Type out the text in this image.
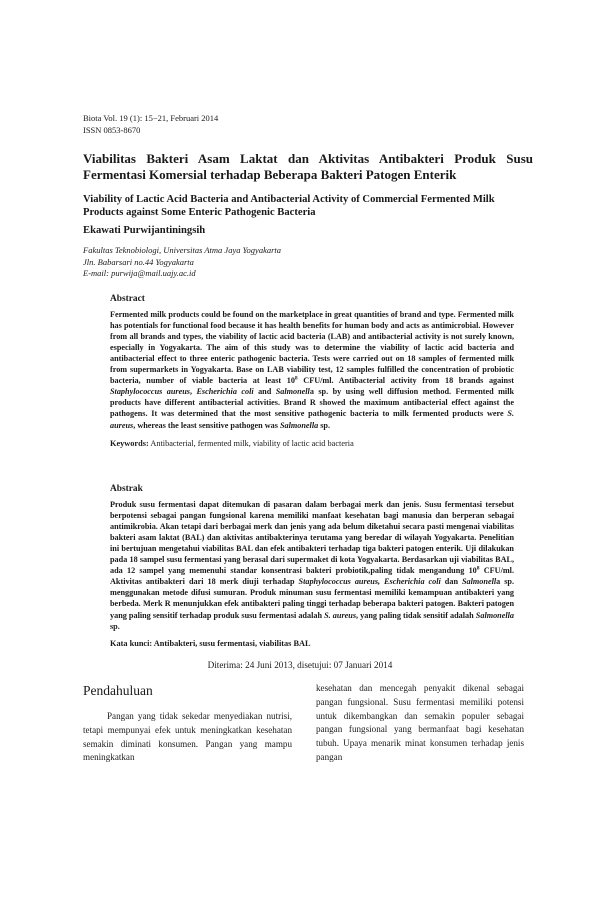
Biota Vol. 19 (1): 15−21, Februari 2014
ISSN 0853-8670
Viabilitas Bakteri Asam Laktat dan Aktivitas Antibakteri Produk Susu Fermentasi Komersial terhadap Beberapa Bakteri Patogen Enterik
Viability of Lactic Acid Bacteria and Antibacterial Activity of Commercial Fermented Milk Products against Some Enteric Pathogenic Bacteria
Ekawati Purwijantiningsih
Fakultas Teknobiologi, Universitas Atma Jaya Yogyakarta
Jln. Babarsari no.44 Yogyakarta
E-mail: purwija@mail.uajy.ac.id
Abstract
Fermented milk products could be found on the marketplace in great quantities of brand and type. Fermented milk has potentials for functional food because it has health benefits for human body and acts as antimicrobial. However from all brands and types, the viability of lactic acid bacteria (LAB) and antibacterial activity is not surely known, especially in Yogyakarta. The aim of this study was to determine the viability of lactic acid bacteria and antibacterial effect to three enteric pathogenic bacteria. Tests were carried out on 18 samples of fermented milk from supermarkets in Yogyakarta. Base on LAB viability test, 12 samples fulfilled the concentration of probiotic bacteria, number of viable bacteria at least $10^8$ CFU/ml. Antibacterial activity from 18 brands against Staphylococcus aureus, Escherichia coli and Salmonella sp. by using well diffusion method. Fermented milk products have different antibacterial activities. Brand R showed the maximum antibacterial effect against the pathogens. It was determined that the most sensitive pathogenic bacteria to milk fermented products were S. aureus, whereas the least sensitive pathogen was Salmonella sp.
Keywords: Antibacterial, fermented milk, viability of lactic acid bacteria
Abstrak
Produk susu fermentasi dapat ditemukan di pasaran dalam berbagai merk dan jenis. Susu fermentasi tersebut berpotensi sebagai pangan fungsional karena memiliki manfaat kesehatan bagi manusia dan berperan sebagai antimikrobia. Akan tetapi dari berbagai merk dan jenis yang ada belum diketahui secara pasti mengenai viabilitas bakteri asam laktat (BAL) dan aktivitas antibakterinya terutama yang beredar di wilayah Yogyakarta. Penelitian ini bertujuan mengetahui viabilitas BAL dan efek antibakteri terhadap tiga bakteri patogen enterik. Uji dilakukan pada 18 sampel susu fermentasi yang berasal dari supermaket di kota Yogyakarta. Berdasarkan uji viabilitas BAL, ada 12 sampel yang memenuhi standar konsentrasi bakteri probiotik,paling tidak mengandung $10^8$ CFU/ml. Aktivitas antibakteri dari 18 merk diuji terhadap Staphylococcus aureus, Escherichia coli dan Salmonella sp. menggunakan metode difusi sumuran. Produk minuman susu fermentasi memiliki kemampuan antibakteri yang berbeda. Merk R menunjukkan efek antibakteri paling tinggi terhadap beberapa bakteri patogen. Bakteri patogen yang paling sensitif terhadap produk susu fermentasi adalah S. aureus, yang paling tidak sensitif adalah Salmonella sp.
Kata kunci: Antibakteri, susu fermentasi, viabilitas BAL
Diterima: 24 Juni 2013, disetujui: 07 Januari 2014
Pendahuluan
Pangan yang tidak sekedar menyediakan nutrisi, tetapi mempunyai efek untuk meningkatkan kesehatan semakin diminati konsumen. Pangan yang mampu meningkatkan
kesehatan dan mencegah penyakit dikenal sebagai pangan fungsional. Susu fermentasi memiliki potensi untuk dikembangkan dan semakin populer sebagai pangan fungsional yang bermanfaat bagi kesehatan tubuh. Upaya menarik minat konsumen terhadap jenis pangan
